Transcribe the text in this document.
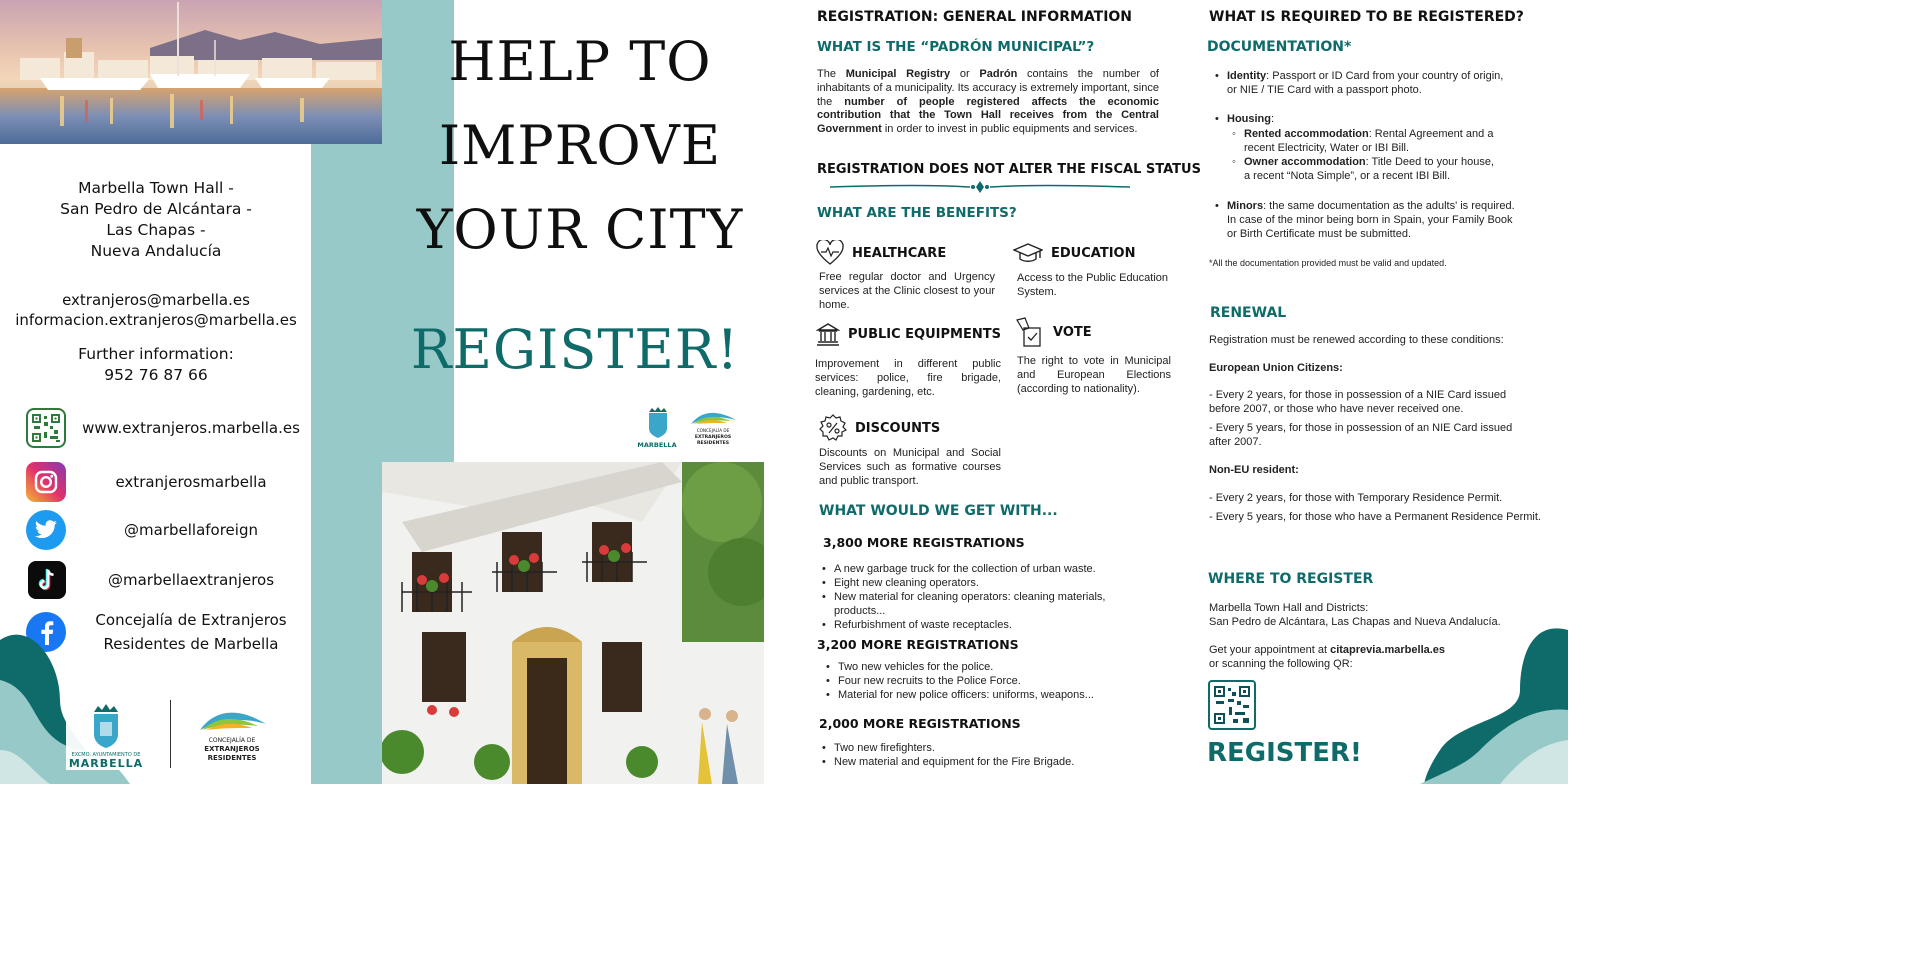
Marbella Town Hall -
San Pedro de Alcántara -
Las Chapas -
Nueva Andalucía
extranjeros@marbella.es
informacion.extranjeros@marbella.es
Further information:
952 76 87 66
www.extranjeros.marbella.es
extranjerosmarbella
@marbellaforeign
@marbellaextranjeros
Concejalía de Extranjeros
Residentes de Marbella
EXCMO. AYUNTAMIENTO DE
MARBELLA
CONCEJALÍA DE
EXTRANJEROS
RESIDENTES
HELP TO
IMPROVE
YOUR CITY
REGISTER!
MARBELLA
CONCEJALÍA DE
EXTRANJEROS
RESIDENTES
REGISTRATION: GENERAL INFORMATION
WHAT IS THE “PADRÓN MUNICIPAL”?
The Municipal Registry or Padrón contains the number of inhabitants of a municipality. Its accuracy is extremely important, since the number of people registered affects the economic contribution that the Town Hall receives from the Central Government in order to invest in public equipments and services.
REGISTRATION DOES NOT ALTER THE FISCAL STATUS
WHAT ARE THE BENEFITS?
HEALTHCARE
Free regular doctor and Urgency services at the Clinic closest to your home.
EDUCATION
Access to the Public Education System.
PUBLIC EQUIPMENTS
Improvement in different public services: police, fire brigade, cleaning, gardening, etc.
VOTE
The right to vote in Municipal and European Elections (according to nationality).
DISCOUNTS
Discounts on Municipal and Social Services such as formative courses and public transport.
WHAT WOULD WE GET WITH...
3,800 MORE REGISTRATIONS
• A new garbage truck for the collection of urban waste.
• Eight new cleaning operators.
• New material for cleaning operators: cleaning materials, products...
• Refurbishment of waste receptacles.
3,200 MORE REGISTRATIONS
• Two new vehicles for the police.
• Four new recruits to the Police Force.
• Material for new police officers: uniforms, weapons...
2,000 MORE REGISTRATIONS
• Two new firefighters.
• New material and equipment for the Fire Brigade.
WHAT IS REQUIRED TO BE REGISTERED?
DOCUMENTATION*
• Identity: Passport or ID Card from your country of origin, or NIE / TIE Card with a passport photo.
• Housing:
◦ Rented accommodation: Rental Agreement and a recent Electricity, Water or IBI Bill.
◦ Owner accommodation: Title Deed to your house, a recent “Nota Simple”, or a recent IBI Bill.
• Minors: the same documentation as the adults' is required. In case of the minor being born in Spain, your Family Book or Birth Certificate must be submitted.
*All the documentation provided must be valid and updated.
RENEWAL
Registration must be renewed according to these conditions:
European Union Citizens:
- Every 2 years, for those in possession of a NIE Card issued before 2007, or those who have never received one.
- Every 5 years, for those in possession of an NIE Card issued after 2007.
Non-EU resident:
- Every 2 years, for those with Temporary Residence Permit.
- Every 5 years, for those who have a Permanent Residence Permit.
WHERE TO REGISTER
Marbella Town Hall and Districts:
San Pedro de Alcántara, Las Chapas and Nueva Andalucía.
Get your appointment at citaprevia.marbella.es
or scanning the following QR:
REGISTER!
